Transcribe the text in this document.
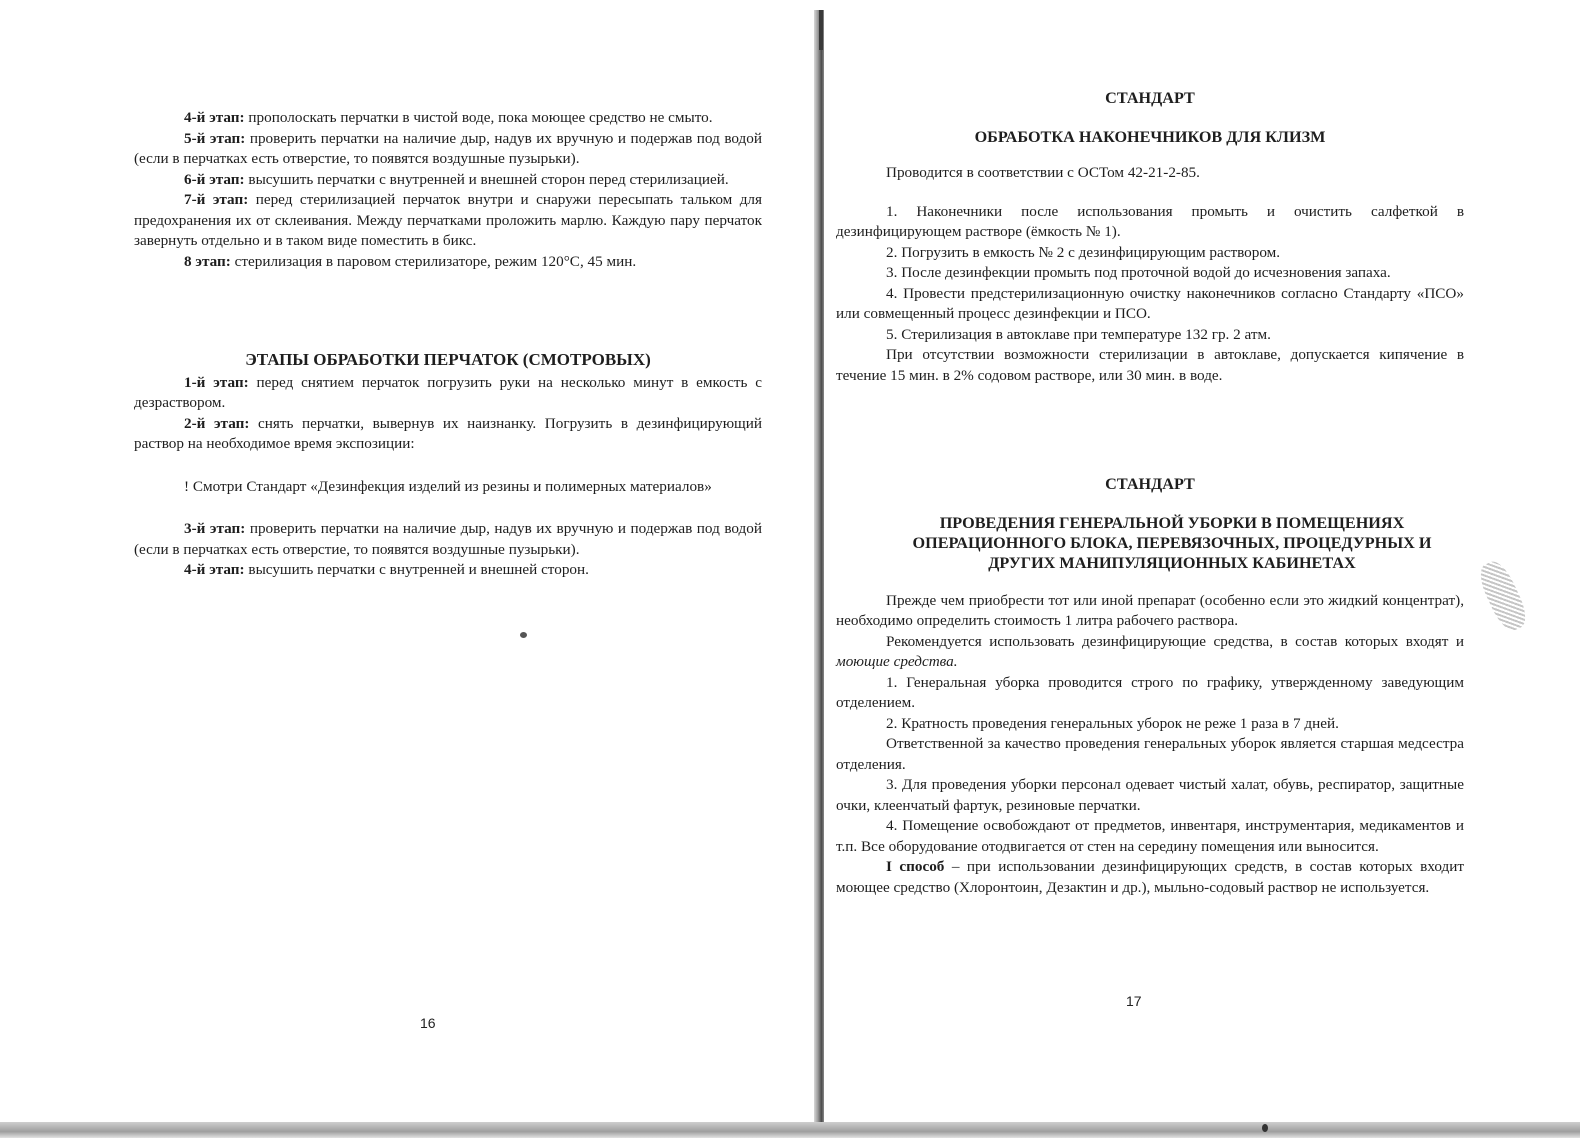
4-й этап: прополоскать перчатки в чистой воде, пока моющее средство не смыто.

5-й этап: проверить перчатки на наличие дыр, надув их вручную и подержав под водой (если в перчатках есть отверстие, то появятся воздушные пузырьки).

6-й этап: высушить перчатки с внутренней и внешней сторон перед стерилизацией.

7-й этап: перед стерилизацией перчаток внутри и снаружи пересыпать тальком для предохранения их от склеивания. Между перчатками проложить марлю. Каждую пару перчаток завернуть отдельно и в таком виде поместить в бикс.

8 этап: стерилизация в паровом стерилизаторе, режим 120°С, 45 мин.

ЭТАПЫ ОБРАБОТКИ ПЕРЧАТОК (СМОТРОВЫХ)

1-й этап: перед снятием перчаток погрузить руки на несколько минут в емкость с дезраствором.

2-й этап: снять перчатки, вывернув их наизнанку. Погрузить в дезинфицирующий раствор на необходимое время экспозиции:

! Смотри Стандарт «Дезинфекция изделий из резины и полимерных материалов»

3-й этап: проверить перчатки на наличие дыр, надув их вручную и подержав под водой (если в перчатках есть отверстие, то появятся воздушные пузырьки).

4-й этап: высушить перчатки с внутренней и внешней сторон.

16

СТАНДАРТ

ОБРАБОТКА НАКОНЕЧНИКОВ ДЛЯ КЛИЗМ

Проводится в соответствии с ОСТом 42-21-2-85.

1. Наконечники после использования промыть и очистить салфеткой в дезинфицирующем растворе (ёмкость № 1).

2. Погрузить в емкость № 2 с дезинфицирующим раствором.

3. После дезинфекции промыть под проточной водой до исчезновения запаха.

4. Провести предстерилизационную очистку наконечников согласно Стандарту «ПСО» или совмещенный процесс дезинфекции и ПСО.

5. Стерилизация в автоклаве при температуре 132 гр. 2 атм.

При отсутствии возможности стерилизации в автоклаве, допускается кипячение в течение 15 мин. в 2% содовом растворе, или 30 мин. в воде.

СТАНДАРТ

ПРОВЕДЕНИЯ ГЕНЕРАЛЬНОЙ УБОРКИ В ПОМЕЩЕНИЯХ ОПЕРАЦИОННОГО БЛОКА, ПЕРЕВЯЗОЧНЫХ, ПРОЦЕДУРНЫХ И ДРУГИХ МАНИПУЛЯЦИОННЫХ КАБИНЕТАХ

Прежде чем приобрести тот или иной препарат (особенно если это жидкий концентрат), необходимо определить стоимость 1 литра рабочего раствора.

Рекомендуется использовать дезинфицирующие средства, в состав которых входят и моющие средства.

1. Генеральная уборка проводится строго по графику, утвержденному заведующим отделением.

2. Кратность проведения генеральных уборок не реже 1 раза в 7 дней.

Ответственной за качество проведения генеральных уборок является старшая медсестра отделения.

3. Для проведения уборки персонал одевает чистый халат, обувь, респиратор, защитные очки, клеенчатый фартук, резиновые перчатки.

4. Помещение освобождают от предметов, инвентаря, инструментария, медикаментов и т.п. Все оборудование отодвигается от стен на середину помещения или выносится.

I способ – при использовании дезинфицирующих средств, в состав которых входит моющее средство (Хлоронтоин, Дезактин и др.), мыльно-содовый раствор не используется.

17
